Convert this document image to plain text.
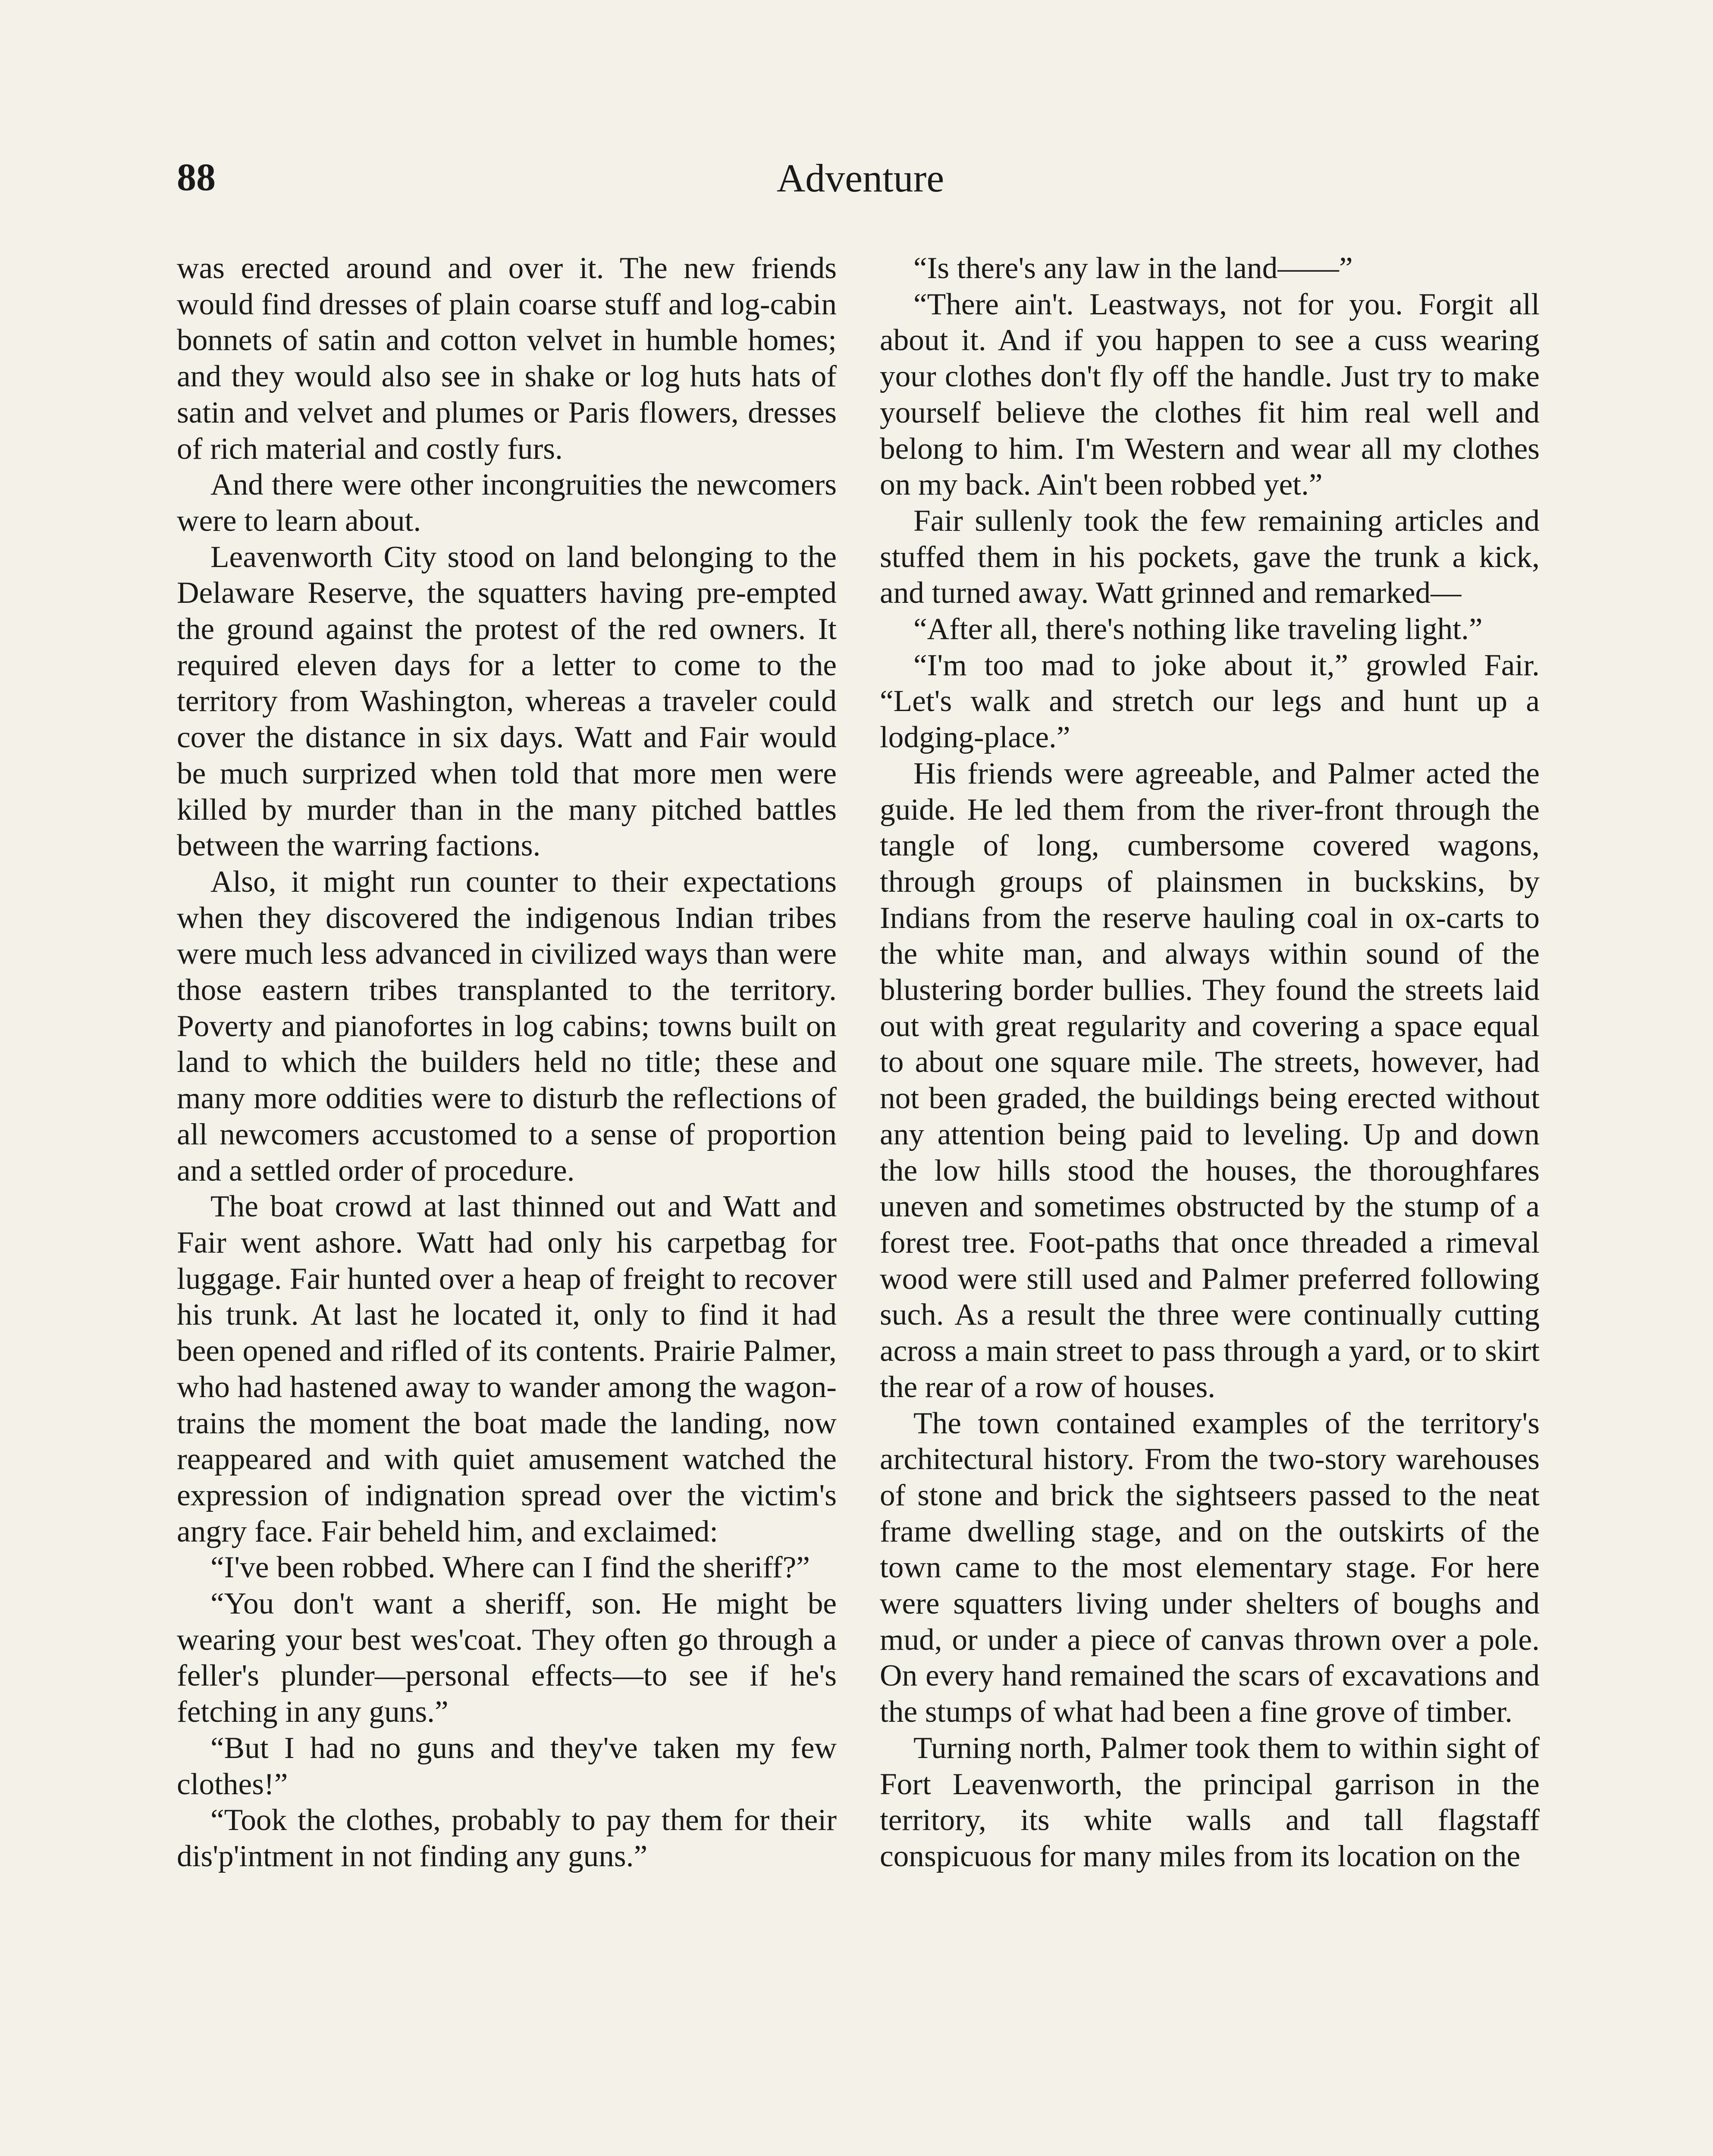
88	Adventure

was erected around and over it. The new friends would find dresses of plain coarse stuff and log-cabin bonnets of satin and cotton velvet in humble homes; and they would also see in shake or log huts hats of satin and velvet and plumes or Paris flowers, dresses of rich material and costly furs.

And there were other incongruities the newcomers were to learn about.

Leavenworth City stood on land belonging to the Delaware Reserve, the squatters having pre-empted the ground against the protest of the red owners. It required eleven days for a letter to come to the territory from Washington, whereas a traveler could cover the distance in six days. Watt and Fair would be much surprized when told that more men were killed by murder than in the many pitched battles between the warring factions.

Also, it might run counter to their expectations when they discovered the indigenous Indian tribes were much less advanced in civilized ways than were those eastern tribes transplanted to the territory. Poverty and pianofortes in log cabins; towns built on land to which the builders held no title; these and many more oddities were to disturb the reflections of all newcomers accustomed to a sense of proportion and a settled order of procedure.

The boat crowd at last thinned out and Watt and Fair went ashore. Watt had only his carpetbag for luggage. Fair hunted over a heap of freight to recover his trunk. At last he located it, only to find it had been opened and rifled of its contents. Prairie Palmer, who had hastened away to wander among the wagon-trains the moment the boat made the landing, now reappeared and with quiet amusement watched the expression of indignation spread over the victim's angry face. Fair beheld him, and exclaimed:

“I've been robbed. Where can I find the sheriff?”

“You don't want a sheriff, son. He might be wearing your best wes'coat. They often go through a feller's plunder—personal effects—to see if he's fetching in any guns.”

“But I had no guns and they've taken my few clothes!”

“Took the clothes, probably to pay them for their dis'p'intment in not finding any guns.”

“Is there's any law in the land——”

“There ain't. Leastways, not for you. Forgit all about it. And if you happen to see a cuss wearing your clothes don't fly off the handle. Just try to make yourself believe the clothes fit him real well and belong to him. I'm Western and wear all my clothes on my back. Ain't been robbed yet.”

Fair sullenly took the few remaining articles and stuffed them in his pockets, gave the trunk a kick, and turned away. Watt grinned and remarked—

“After all, there's nothing like traveling light.”

“I'm too mad to joke about it,” growled Fair. “Let's walk and stretch our legs and hunt up a lodging-place.”

His friends were agreeable, and Palmer acted the guide. He led them from the river-front through the tangle of long, cumbersome covered wagons, through groups of plainsmen in buckskins, by Indians from the reserve hauling coal in ox-carts to the white man, and always within sound of the blustering border bullies. They found the streets laid out with great regularity and covering a space equal to about one square mile. The streets, however, had not been graded, the buildings being erected without any attention being paid to leveling. Up and down the low hills stood the houses, the thoroughfares uneven and sometimes obstructed by the stump of a forest tree. Foot-paths that once threaded a rimeval wood were still used and Palmer preferred following such. As a result the three were continually cutting across a main street to pass through a yard, or to skirt the rear of a row of houses.

The town contained examples of the territory's architectural history. From the two-story warehouses of stone and brick the sightseers passed to the neat frame dwelling stage, and on the outskirts of the town came to the most elementary stage. For here were squatters living under shelters of boughs and mud, or under a piece of canvas thrown over a pole. On every hand remained the scars of excavations and the stumps of what had been a fine grove of timber.

Turning north, Palmer took them to within sight of Fort Leavenworth, the principal garrison in the territory, its white walls and tall flagstaff conspicuous for many miles from its location on the
